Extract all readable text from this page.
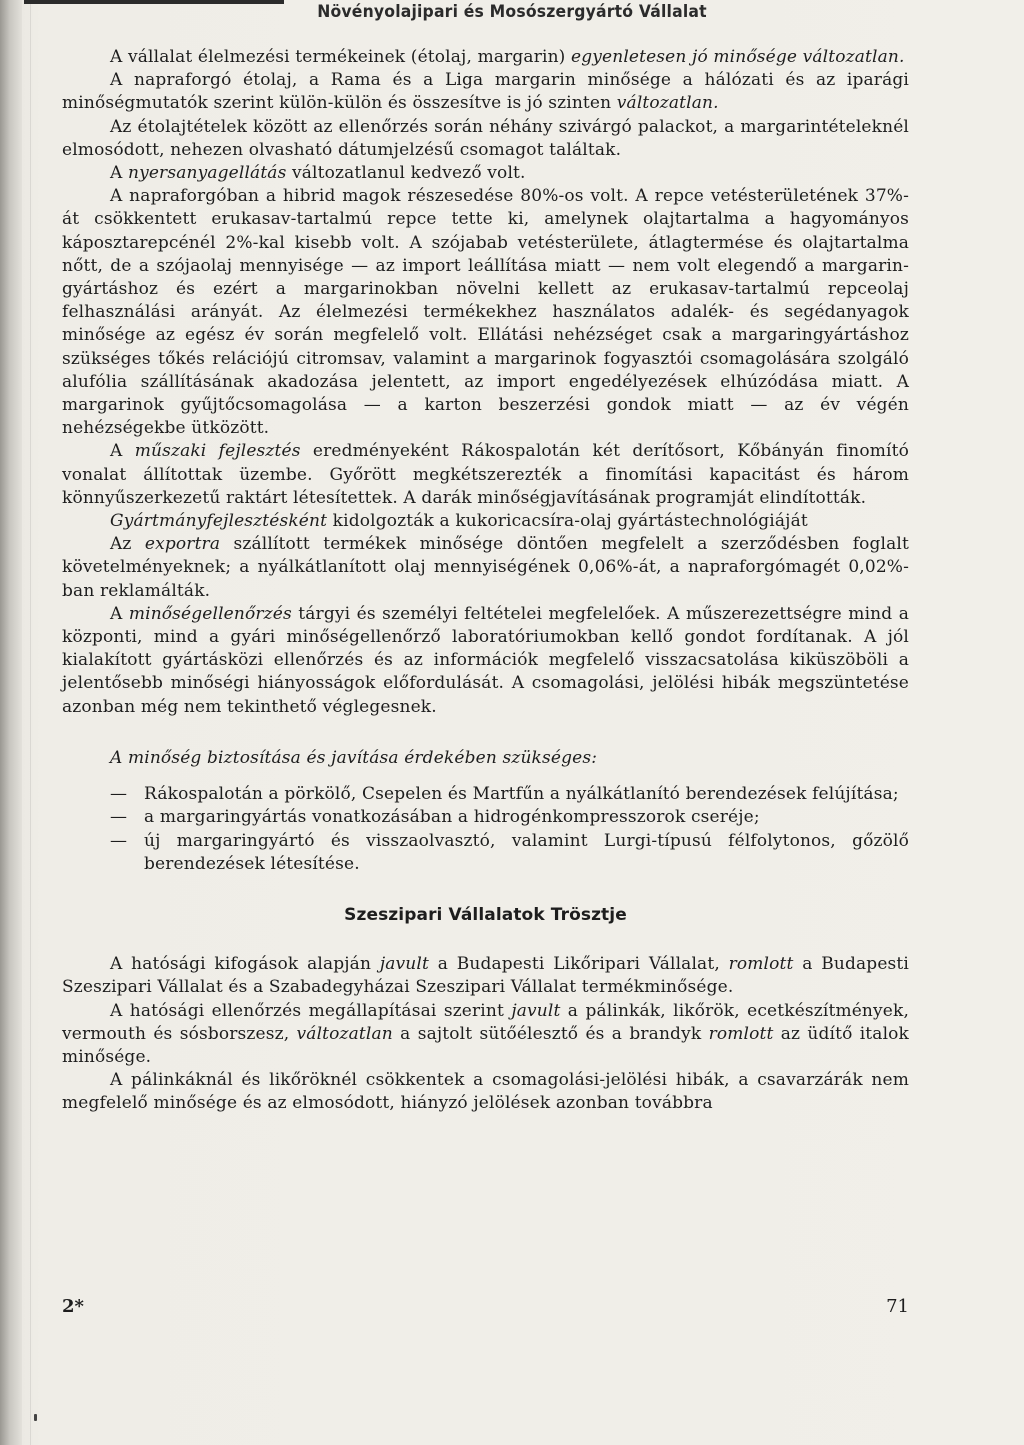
Növényolajipari és Mosószergyártó Vállalat

A vállalat élelmezési termékeinek (étolaj, margarin) egyenletesen jó minősége változatlan.

A napraforgó étolaj, a Rama és a Liga margarin minősége a hálózati és az iparági minőségmutatók szerint külön-külön és összesítve is jó szinten változatlan.

Az étolajtételek között az ellenőrzés során néhány szivárgó palackot, a margarintételeknél elmosódott, nehezen olvasható dátumjelzésű csomagot találtak.

A nyersanyagellátás változatlanul kedvező volt.

A napraforgóban a hibrid magok részesedése 80%-os volt. A repce vetésterületének 37%-át csökkentett erukasav-tartalmú repce tette ki, amelynek olajtartalma a hagyományos káposztarepcénél 2%-kal kisebb volt. A szójabab vetésterülete, átlagtermése és olajtartalma nőtt, de a szójaolaj mennyisége — az import leállítása miatt — nem volt elegendő a margarin-gyártáshoz és ezért a margarinokban növelni kellett az erukasav-tartalmú repceolaj felhasználási arányát. Az élelmezési termékekhez használatos adalék- és segédanyagok minősége az egész év során megfelelő volt. Ellátási nehézséget csak a margaringyártáshoz szükséges tőkés relációjú citromsav, valamint a margarinok fogyasztói csomagolására szolgáló alufólia szállításának akadozása jelentett, az import engedélyezések elhúzódása miatt. A margarinok gyűjtőcsomagolása — a karton beszerzési gondok miatt — az év végén nehézségekbe ütközött.

A műszaki fejlesztés eredményeként Rákospalotán két derítősort, Kőbányán finomító vonalat állítottak üzembe. Győrött megkétszerezték a finomítási kapacitást és három könnyűszerkezetű raktárt létesítettek. A darák minőségjavításának programját elindították.

Gyártmányfejlesztésként kidolgozták a kukoricacsíra-olaj gyártástechnológiáját

Az exportra szállított termékek minősége döntően megfelelt a szerződésben foglalt követelményeknek; a nyálkátlanított olaj mennyiségének 0,06%-át, a napraforgómagét 0,02%-ban reklamálták.

A minőségellenőrzés tárgyi és személyi feltételei megfelelőek. A műszerezettségre mind a központi, mind a gyári minőségellenőrző laboratóriumokban kellő gondot fordítanak. A jól kialakított gyártásközi ellenőrzés és az információk megfelelő visszacsatolása kiküszöböli a jelentősebb minőségi hiányosságok előfordulását. A csomagolási, jelölési hibák megszüntetése azonban még nem tekinthető véglegesnek.

A minőség biztosítása és javítása érdekében szükséges:

— Rákospalotán a pörkölő, Csepelen és Martfűn a nyálkátlanító berendezések felújítása;
— a margaringyártás vonatkozásában a hidrogénkompresszorok cseréje;
— új margaringyártó és visszaolvasztó, valamint Lurgi-típusú félfolytonos, gőzölő berendezések létesítése.
Szeszipari Vállalatok Trösztje

A hatósági kifogások alapján javult a Budapesti Likőripari Vállalat, romlott a Budapesti Szeszipari Vállalat és a Szabadegyházai Szeszipari Vállalat termékminősége.

A hatósági ellenőrzés megállapításai szerint javult a pálinkák, likőrök, ecetkészítmények, vermouth és sósborszesz, változatlan a sajtolt sütőélesztő és a brandyk romlott az üdítő italok minősége.

A pálinkáknál és likőröknél csökkentek a csomagolási-jelölési hibák, a csavarzárák nem megfelelő minősége és az elmosódott, hiányzó jelölések azonban továbbra

2*	71
